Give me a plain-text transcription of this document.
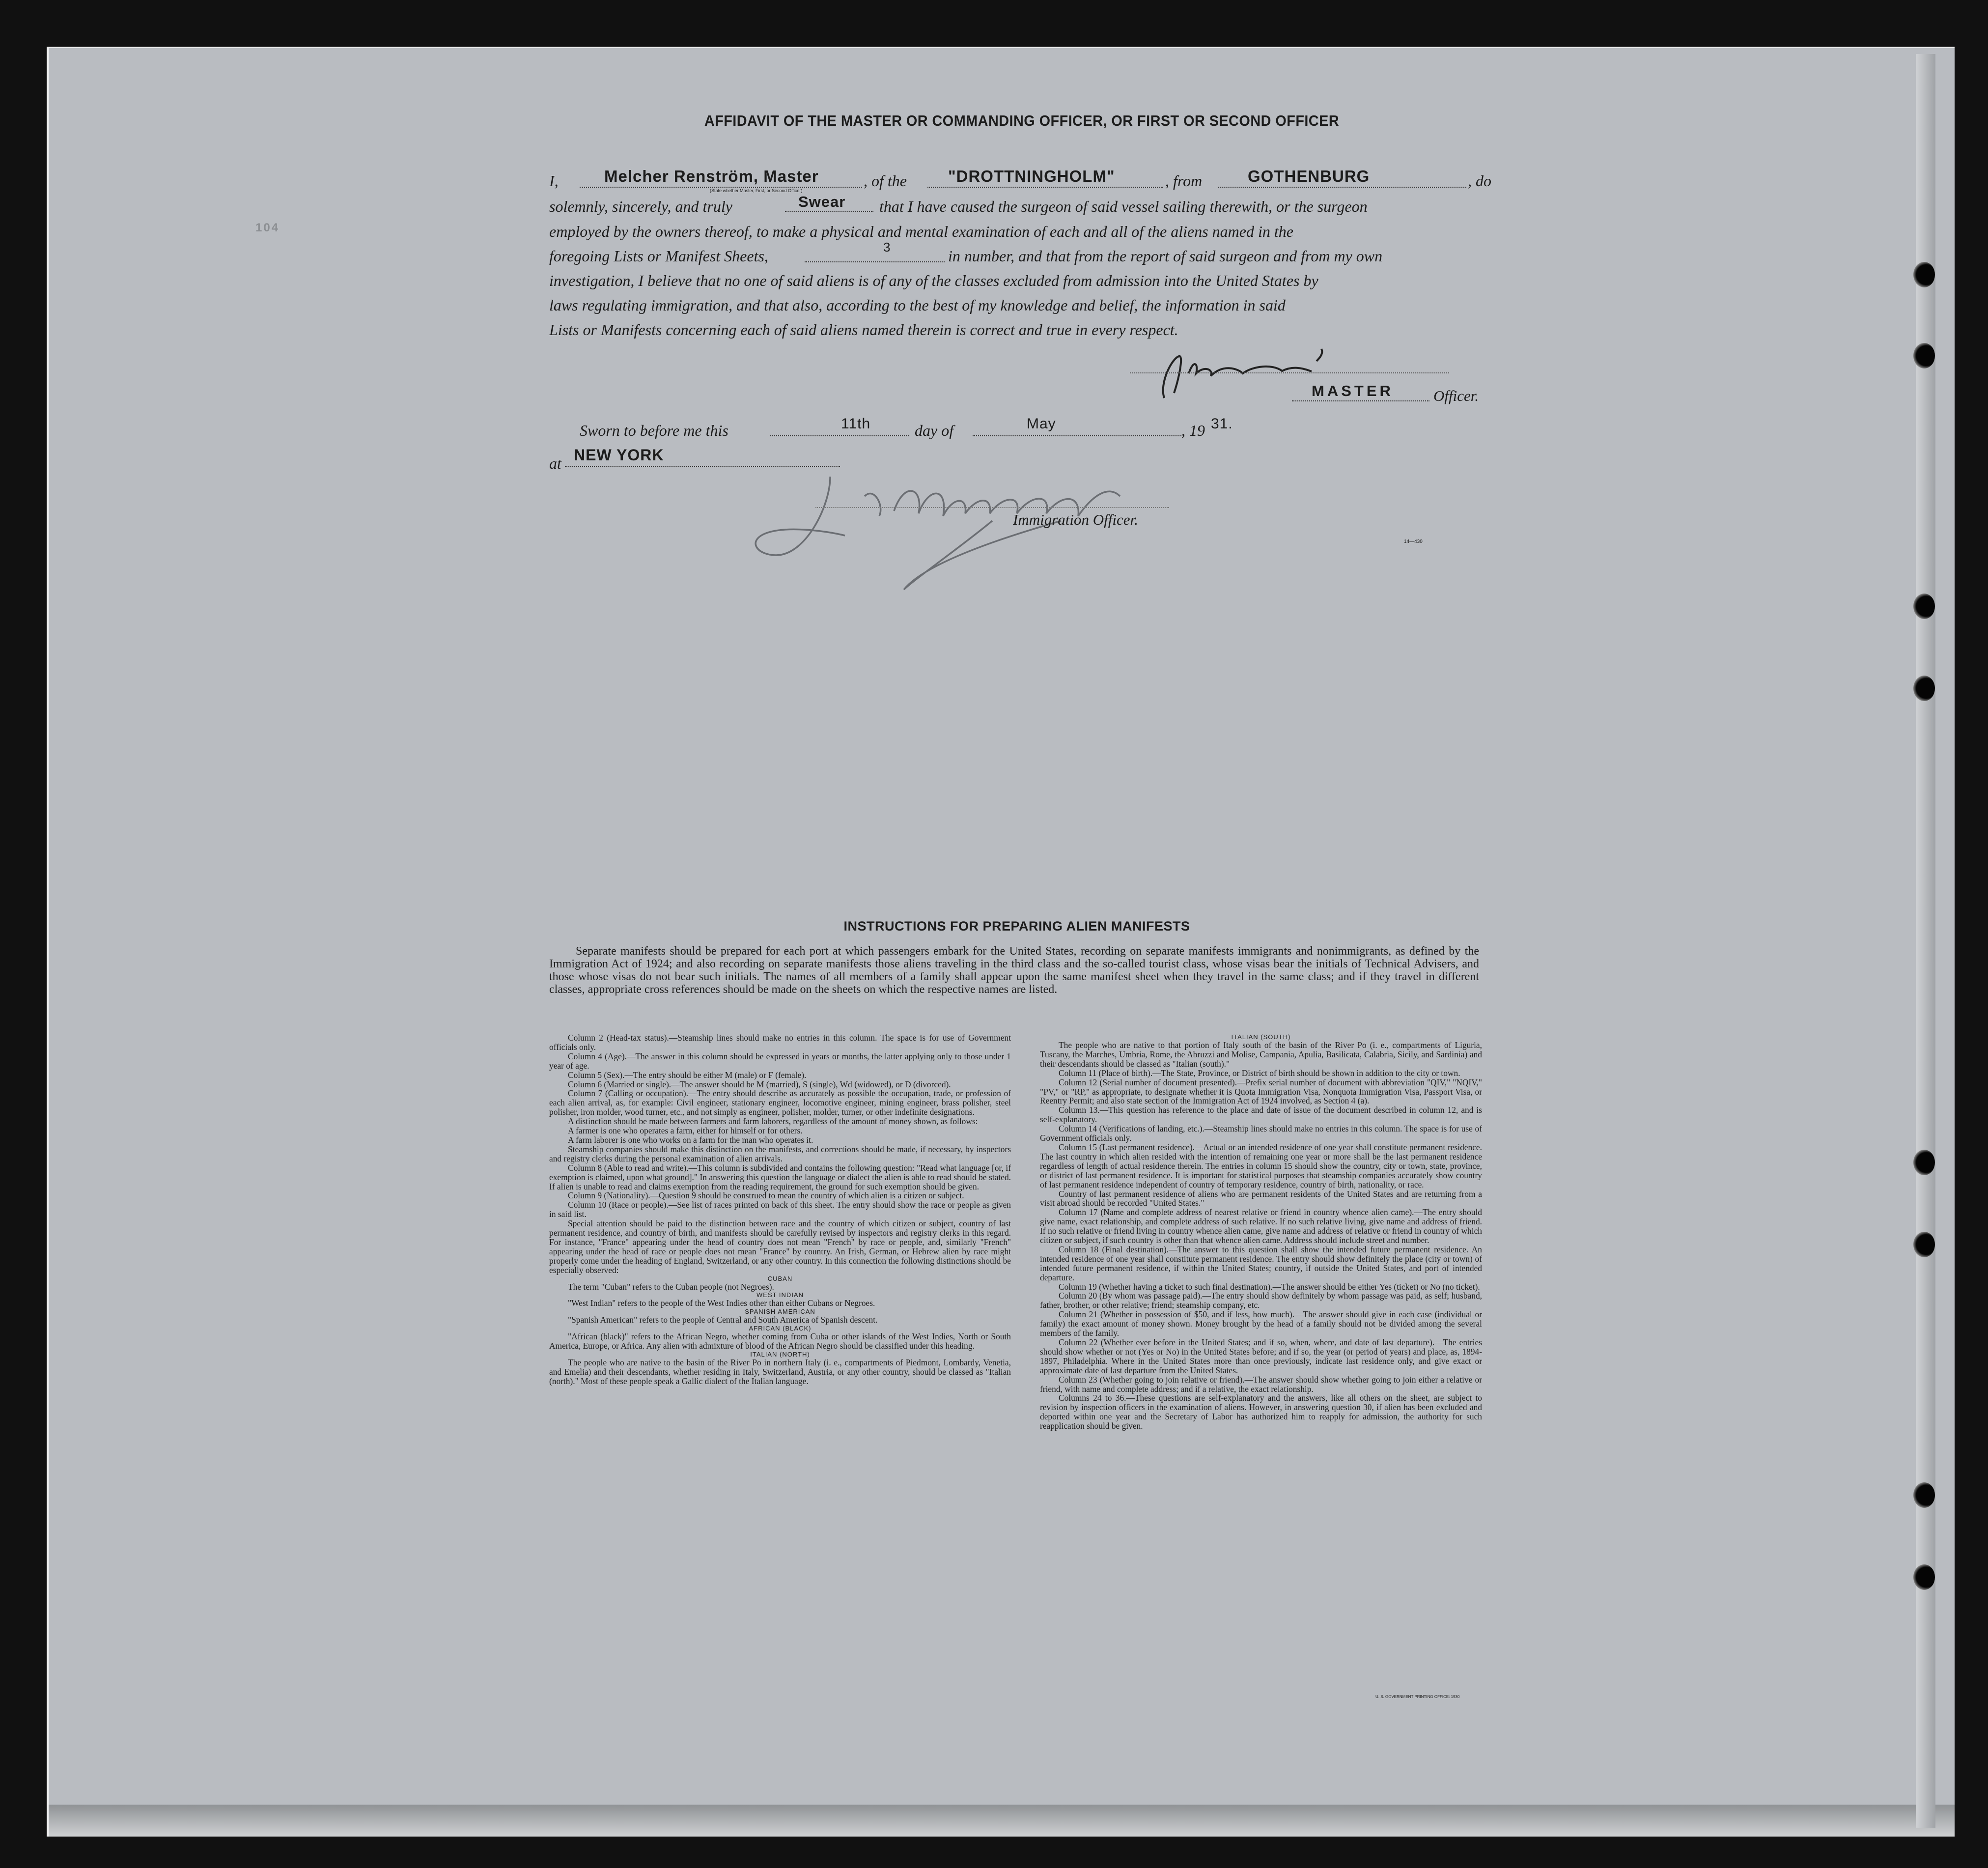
104
AFFIDAVIT OF THE MASTER OR COMMANDING OFFICER, OR FIRST OR SECOND OFFICER
I,	Melcher Renström, Master	, of the	"DROTTNINGHOLM"	, from	GOTHENBURG	, do
(State whether Master, First, or Second Officer)
solemnly, sincerely, and truly	Swear that I have caused the surgeon of said vessel sailing therewith, or the surgeon
employed by the owners thereof, to make a physical and mental examination of each and all of the aliens named in the
foregoing Lists or Manifest Sheets,	3	in number, and that from the report of said surgeon and from my own
investigation, I believe that no one of said aliens is of any of the classes excluded from admission into the United States by
laws regulating immigration, and that also, according to the best of my knowledge and belief, the information in said
Lists or Manifests concerning each of said aliens named therein is correct and true in every respect.
MASTER	Officer.
Sworn to before me this	11th	day of	May	, 19 31.
at NEW YORK
Immigration Officer.
14—430
INSTRUCTIONS FOR PREPARING ALIEN MANIFESTS
Separate manifests should be prepared for each port at which passengers embark for the United States, recording on separate manifests immigrants and nonimmigrants, as defined by the Immigration Act of 1924; and also recording on separate manifests those aliens traveling in the third class and the so-called tourist class, whose visas bear the initials of Technical Advisers, and those whose visas do not bear such initials. The names of all members of a family shall appear upon the same manifest sheet when they travel in the same class; and if they travel in different classes, appropriate cross references should be made on the sheets on which the respective names are listed.

Column 2 (Head-tax status).—Steamship lines should make no entries in this column. The space is for use of Government officials only.

Column 4 (Age).—The answer in this column should be expressed in years or months, the latter applying only to those under 1 year of age.

Column 5 (Sex).—The entry should be either M (male) or F (female).

Column 6 (Married or single).—The answer should be M (married), S (single), Wd (widowed), or D (divorced).

Column 7 (Calling or occupation).—The entry should describe as accurately as possible the occupation, trade, or profession of each alien arrival, as, for example: Civil engineer, stationary engineer, locomotive engineer, mining engineer, brass polisher, steel polisher, iron molder, wood turner, etc., and not simply as engineer, polisher, molder, turner, or other indefinite designations.

A distinction should be made between farmers and farm laborers, regardless of the amount of money shown, as follows:

A farmer is one who operates a farm, either for himself or for others.

A farm laborer is one who works on a farm for the man who operates it.

Steamship companies should make this distinction on the manifests, and corrections should be made, if necessary, by inspectors and registry clerks during the personal examination of alien arrivals.

Column 8 (Able to read and write).—This column is subdivided and contains the following question: "Read what language [or, if exemption is claimed, upon what ground]." In answering this question the language or dialect the alien is able to read should be stated. If alien is unable to read and claims exemption from the reading requirement, the ground for such exemption should be given.

Column 9 (Nationality).—Question 9 should be construed to mean the country of which alien is a citizen or subject.

Column 10 (Race or people).—See list of races printed on back of this sheet. The entry should show the race or people as given in said list.

Special attention should be paid to the distinction between race and the country of which citizen or subject, country of last permanent residence, and country of birth, and manifests should be carefully revised by inspectors and registry clerks in this regard. For instance, "France" appearing under the head of country does not mean "French" by race or people, and, similarly "French" appearing under the head of race or people does not mean "France" by country. An Irish, German, or Hebrew alien by race might properly come under the heading of England, Switzerland, or any other country. In this connection the following distinctions should be especially observed:

CUBAN

The term "Cuban" refers to the Cuban people (not Negroes).

WEST INDIAN

"West Indian" refers to the people of the West Indies other than either Cubans or Negroes.

SPANISH AMERICAN

"Spanish American" refers to the people of Central and South America of Spanish descent.

AFRICAN (BLACK)

"African (black)" refers to the African Negro, whether coming from Cuba or other islands of the West Indies, North or South America, Europe, or Africa. Any alien with admixture of blood of the African Negro should be classified under this heading.

ITALIAN (NORTH)

The people who are native to the basin of the River Po in northern Italy (i. e., compartments of Piedmont, Lombardy, Venetia, and Emelia) and their descendants, whether residing in Italy, Switzerland, Austria, or any other country, should be classed as "Italian (north)." Most of these people speak a Gallic dialect of the Italian language.

ITALIAN (SOUTH)

The people who are native to that portion of Italy south of the basin of the River Po (i. e., compartments of Liguria, Tuscany, the Marches, Umbria, Rome, the Abruzzi and Molise, Campania, Apulia, Basilicata, Calabria, Sicily, and Sardinia) and their descendants should be classed as "Italian (south)."

Column 11 (Place of birth).—The State, Province, or District of birth should be shown in addition to the city or town.

Column 12 (Serial number of document presented).—Prefix serial number of document with abbreviation "QIV," "NQIV," "PV," or "RP," as appropriate, to designate whether it is Quota Immigration Visa, Nonquota Immigration Visa, Passport Visa, or Reentry Permit; and also state section of the Immigration Act of 1924 involved, as Section 4 (a).

Column 13.—This question has reference to the place and date of issue of the document described in column 12, and is self-explanatory.

Column 14 (Verifications of landing, etc.).—Steamship lines should make no entries in this column. The space is for use of Government officials only.

Column 15 (Last permanent residence).—Actual or an intended residence of one year shall constitute permanent residence. The last country in which alien resided with the intention of remaining one year or more shall be the last permanent residence regardless of length of actual residence therein. The entries in column 15 should show the country, city or town, state, province, or district of last permanent residence. It is important for statistical purposes that steamship companies accurately show country of last permanent residence independent of country of temporary residence, country of birth, nationality, or race.

Country of last permanent residence of aliens who are permanent residents of the United States and are returning from a visit abroad should be recorded "United States."

Column 17 (Name and complete address of nearest relative or friend in country whence alien came).—The entry should give name, exact relationship, and complete address of such relative. If no such relative living, give name and address of friend. If no such relative or friend living in country whence alien came, give name and address of relative or friend in country of which citizen or subject, if such country is other than that whence alien came. Address should include street and number.

Column 18 (Final destination).—The answer to this question shall show the intended future permanent residence. An intended residence of one year shall constitute permanent residence. The entry should show definitely the place (city or town) of intended future permanent residence, if within the United States; country, if outside the United States, and port of intended departure.

Column 19 (Whether having a ticket to such final destination).—The answer should be either Yes (ticket) or No (no ticket).

Column 20 (By whom was passage paid).—The entry should show definitely by whom passage was paid, as self; husband, father, brother, or other relative; friend; steamship company, etc.

Column 21 (Whether in possession of $50, and if less, how much).—The answer should give in each case (individual or family) the exact amount of money shown. Money brought by the head of a family should not be divided among the several members of the family.

Column 22 (Whether ever before in the United States; and if so, when, where, and date of last departure).—The entries should show whether or not (Yes or No) in the United States before; and if so, the year (or period of years) and place, as, 1894-1897, Philadelphia. Where in the United States more than once previously, indicate last residence only, and give exact or approximate date of last departure from the United States.

Column 23 (Whether going to join relative or friend).—The answer should show whether going to join either a relative or friend, with name and complete address; and if a relative, the exact relationship.

Columns 24 to 36.—These questions are self-explanatory and the answers, like all others on the sheet, are subject to revision by inspection officers in the examination of aliens. However, in answering question 30, if alien has been excluded and deported within one year and the Secretary of Labor has authorized him to reapply for admission, the authority for such reapplication should be given.

U. S. GOVERNMENT PRINTING OFFICE: 1930
